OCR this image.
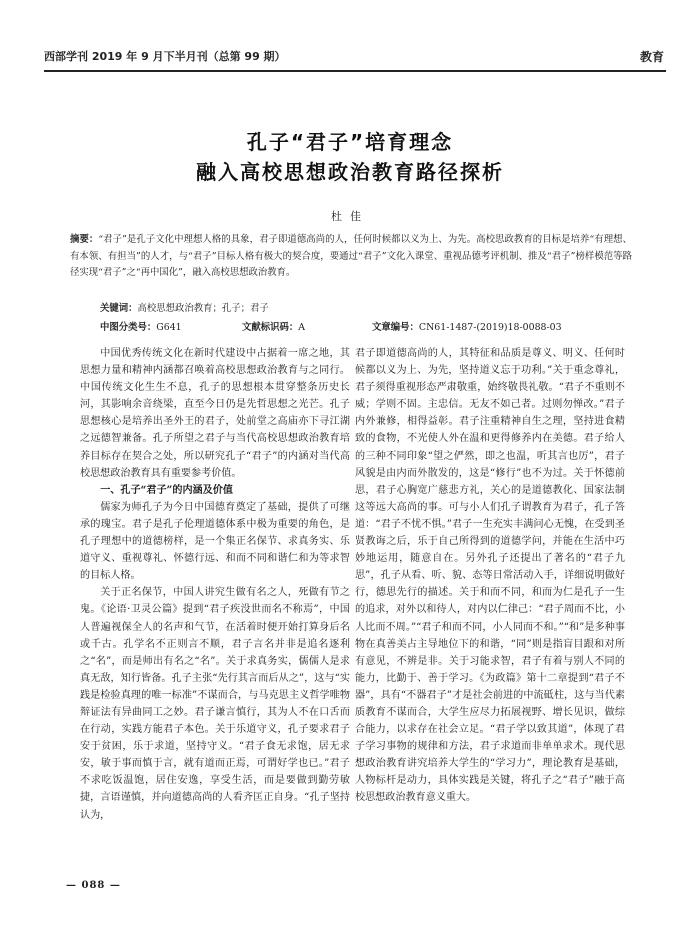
西部学刊 2019 年 9 月下半月刊（总第 99 期）	教育
孔子“君子”培育理念
融入高校思想政治教育路径探析
杜佳
摘要：“君子”是孔子文化中理想人格的具象，君子即道德高尚的人，任何时候都以义为上、为先。高校思政教育的目标是培养“有理想、有本领、有担当”的人才，与“君子”目标人格有极大的契合度，要通过“君子”文化入课堂、重视品德考评机制、推及“君子”榜样模范等路径实现“君子”之“再中国化”，融入高校思想政治教育。
关键词：高校思想政治教育；孔子；君子
中图分类号：G641	文献标识码：A	文章编号：CN61-1487-(2019)18-0088-03

中国优秀传统文化在新时代建设中占据着一席之地，其思想力量和精神内涵都召唤着高校思想政治教育与之同行。中国传统文化生生不息，孔子的思想根本贯穿整条历史长河，其影响余音绕梁，直至今日仍是先哲思想之光芒。孔子思想核心是培养出圣外王的君子，处前堂之高庙亦下寻江湖之远德智兼备。孔子所望之君子与当代高校思想政治教育培养目标存在契合之处，所以研究孔子“君子”的内涵对当代高校思想政治教育具有重要参考价值。

一、孔子“君子”的内涵及价值

儒家为师孔子为今日中国德育奠定了基础，提供了可继承的瑰宝。君子是孔子伦理道德体系中极为重要的角色，是孔子理想中的道德榜样，是一个集正名保节、求真务实、乐道守义、重视尊礼、怀德行远、和而不同和谐仁和为等求智的目标人格。

关于正名保节，中国人讲究生做有名之人，死做有节之鬼。《论语·卫灵公篇》提到“君子疾没世而名不称焉”，中国人普遍视保全人的名声和气节，在活着时便开始打算身后名或千古。孔学名不正则言不顺，君子言名并非是追名逐利之“名”，而是师出有名之“名”。关于求真务实，儒儒人是求真无敌，知行皆备。孔子主张“先行其言而后从之”，这与“实践是检验真理的唯一标准”不谋而合，与马克思主义哲学唯物辩证法有异曲同工之妙。君子谦言慎行，其为人不在口舌而在行动，实践方能君子本色。关于乐道守义，孔子要求君子安于贫困，乐于求道，坚持守义。“君子食无求饱，居无求安，敏于事而慎于言，就有道而正焉，可谓好学也已。”君子不求吃饭温饱，居住安逸，享受生活，而是要做到勤劳敏捷，言语谨慎，并向道德高尚的人看齐匡正自身。“孔子坚持认为，

君子即道德高尚的人，其特征和品质是尊义、明义、任何时候都以义为上、为先，坚持道义忘于功利。”关于重念尊礼，君子须得重视形态严肃敬重，始终敬畏礼敬。“君子不重则不威；学则不固。主忠信。无友不如己者。过则勿惮改。”君子内外兼修，相得益彰。君子注重精神自生之理，坚持进食精致的食物，不光使人外在温和更得修养内在美德。君子给人的三种不同印象“望之俨然，即之也温，听其言也厉”，君子风貌是由内而外散发的，这是“修行”也不为过。关于怀德前思，君子心胸宽广慈悲方礼，关心的是道德教化、国家法制这等远大高尚的事。可与小人们孔子谓教育为君子，孔子答道：“君子不忧不惧。”君子一生充实丰满问心无愧，在受到圣贤教诲之后，乐于自己所得到的道德学问，并能在生活中巧妙地运用，随意自在。另外孔子还提出了著名的“君子九思”，孔子从看、听、貌、态等日常活动入手，详细说明做好行，德思先行的描述。关于和而不同，和而为仁是孔子一生的追求，对外以和待人，对内以仁律己：“君子周而不比，小人比而不周。”“君子和而不同，小人同而不和。”“和”是多种事物在真善美占主导地位下的和谐，“同”则是指盲目跟和对所有意见，不辨是非。关于习能求智，君子有着与别人不同的能力，比勤于、善于学习。《为政篇》第十二章提到“君子不器”，具有“不器君子”才是社会前进的中流砥柱，这与当代素质教育不谋而合，大学生应尽力拓展视野、增长见识，做综合能力，以求存在社会立足。“君子学以致其道”，体现了君子学习事物的规律和方法，君子求道而非单单求术。现代思想政治教育讲究培养大学生的“学习力”，理论教育是基础，人物标杆是动力，具体实践是关键，将孔子之“君子”融于高校思想政治教育意义重大。

— 088 —
